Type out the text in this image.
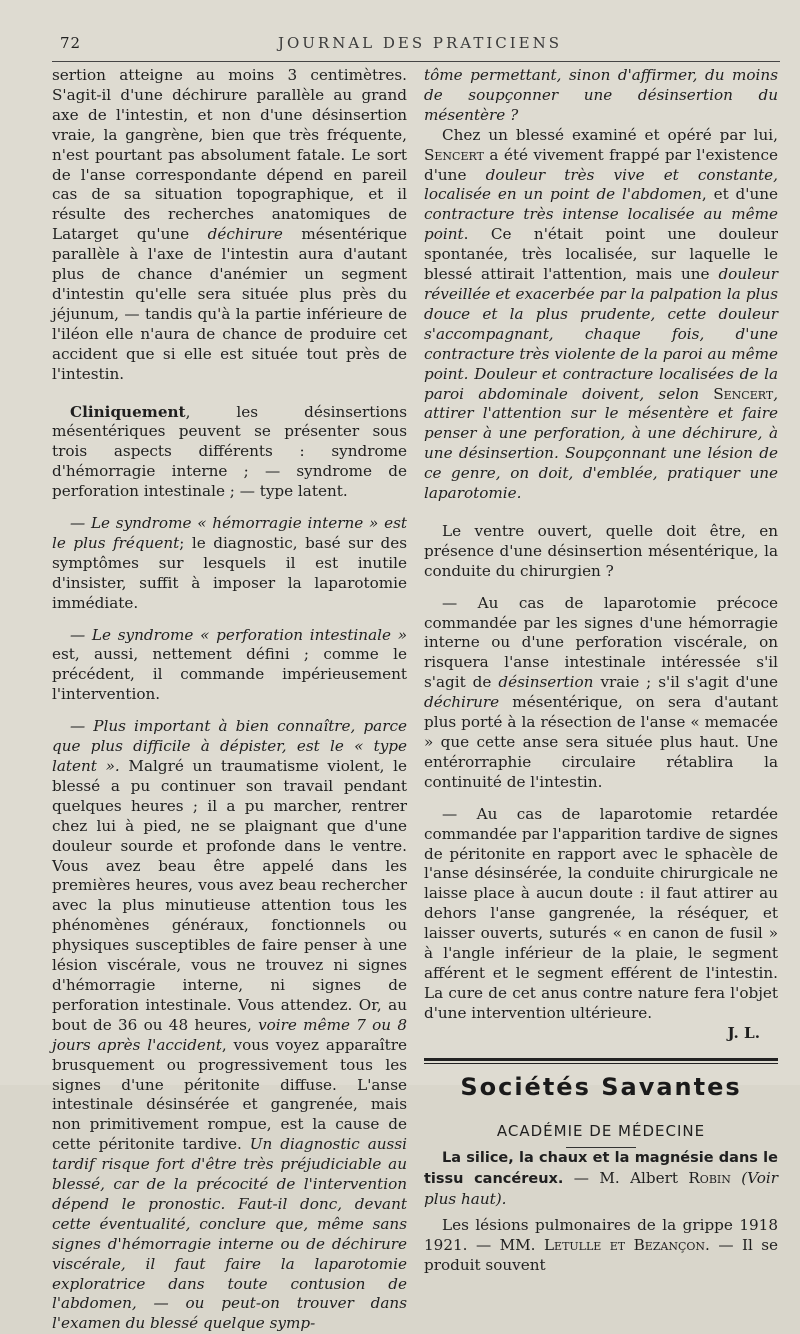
72	JOURNAL DES PRATICIENS

sertion atteigne au moins 3 centimètres. S'agit-il d'une déchirure parallèle au grand axe de l'intestin, et non d'une désinsertion vraie, la gangrène, bien que très fréquente, n'est pourtant pas absolument fatale. Le sort de l'anse correspondante dépend en pareil cas de sa situation topographique, et il résulte des recherches anatomiques de Latarget qu'une déchirure mésentérique parallèle à l'axe de l'intestin aura d'autant plus de chance d'anémier un segment d'intestin qu'elle sera située plus près du jéjunum, — tandis qu'à la partie inférieure de l'iléon elle n'aura de chance de produire cet accident que si elle est située tout près de l'intestin.

Cliniquement, les désinsertions mésentériques peuvent se présenter sous trois aspects différents : syndrome d'hémorragie interne ; — syndrome de perforation intestinale ; — type latent.

— Le syndrome « hémorragie interne » est le plus fréquent; le diagnostic, basé sur des symptômes sur lesquels il est inutile d'insister, suffit à imposer la laparotomie immédiate.

— Le syndrome « perforation intestinale » est, aussi, nettement défini ; comme le précédent, il commande impérieusement l'intervention.

— Plus important à bien connaître, parce que plus difficile à dépister, est le « type latent ». Malgré un traumatisme violent, le blessé a pu continuer son travail pendant quelques heures ; il a pu marcher, rentrer chez lui à pied, ne se plaignant que d'une douleur sourde et profonde dans le ventre. Vous avez beau être appelé dans les premières heures, vous avez beau rechercher avec la plus minutieuse attention tous les phénomènes généraux, fonctionnels ou physiques susceptibles de faire penser à une lésion viscérale, vous ne trouvez ni signes d'hémorragie interne, ni signes de perforation intestinale. Vous attendez. Or, au bout de 36 ou 48 heures, voire même 7 ou 8 jours après l'accident, vous voyez apparaître brusquement ou progressivement tous les signes d'une péritonite diffuse. L'anse intestinale désinsérée et gangrenée, mais non primitivement rompue, est la cause de cette péritonite tardive. Un diagnostic aussi tardif risque fort d'être très préjudiciable au blessé, car de la précocité de l'intervention dépend le pronostic. Faut-il donc, devant cette éventualité, conclure que, même sans signes d'hémorragie interne ou de déchirure viscérale, il faut faire la laparotomie exploratrice dans toute contusion de l'abdomen, — ou peut-on trouver dans l'examen du blessé quelque symp-

tôme permettant, sinon d'affirmer, du moins de soupçonner une désinsertion du mésentère ?

Chez un blessé examiné et opéré par lui, Sencert a été vivement frappé par l'existence d'une douleur très vive et constante, localisée en un point de l'abdomen, et d'une contracture très intense localisée au même point. Ce n'était point une douleur spontanée, très localisée, sur laquelle le blessé attirait l'attention, mais une douleur réveillée et exacerbée par la palpation la plus douce et la plus prudente, cette douleur s'accompagnant, chaque fois, d'une contracture très violente de la paroi au même point. Douleur et contracture localisées de la paroi abdominale doivent, selon Sencert, attirer l'attention sur le mésentère et faire penser à une perforation, à une déchirure, à une désinsertion. Soupçonnant une lésion de ce genre, on doit, d'emblée, pratiquer une laparotomie.

Le ventre ouvert, quelle doit être, en présence d'une désinsertion mésentérique, la conduite du chirurgien ?

— Au cas de laparotomie précoce commandée par les signes d'une hémorragie interne ou d'une perforation viscérale, on risquera l'anse intestinale intéressée s'il s'agit de désinsertion vraie ; s'il s'agit d'une déchirure mésentérique, on sera d'autant plus porté à la résection de l'anse « memacée » que cette anse sera située plus haut. Une entérorraphie circulaire rétablira la continuité de l'intestin.

— Au cas de laparotomie retardée commandée par l'apparition tardive de signes de péritonite en rapport avec le sphacèle de l'anse désinsérée, la conduite chirurgicale ne laisse place à aucun doute : il faut attirer au dehors l'anse gangrenée, la réséquer, et laisser ouverts, suturés « en canon de fusil » à l'angle inférieur de la plaie, le segment afférent et le segment efférent de l'intestin. La cure de cet anus contre nature fera l'objet d'une intervention ultérieure.

J. L.

Sociétés Savantes
ACADÉMIE DE MÉDECINE

La silice, la chaux et la magnésie dans le tissu cancéreux. — M. Albert Robin (Voir plus haut).

Les lésions pulmonaires de la grippe 1918 1921. — MM. Letulle et Bezançon. — Il se produit souvent
